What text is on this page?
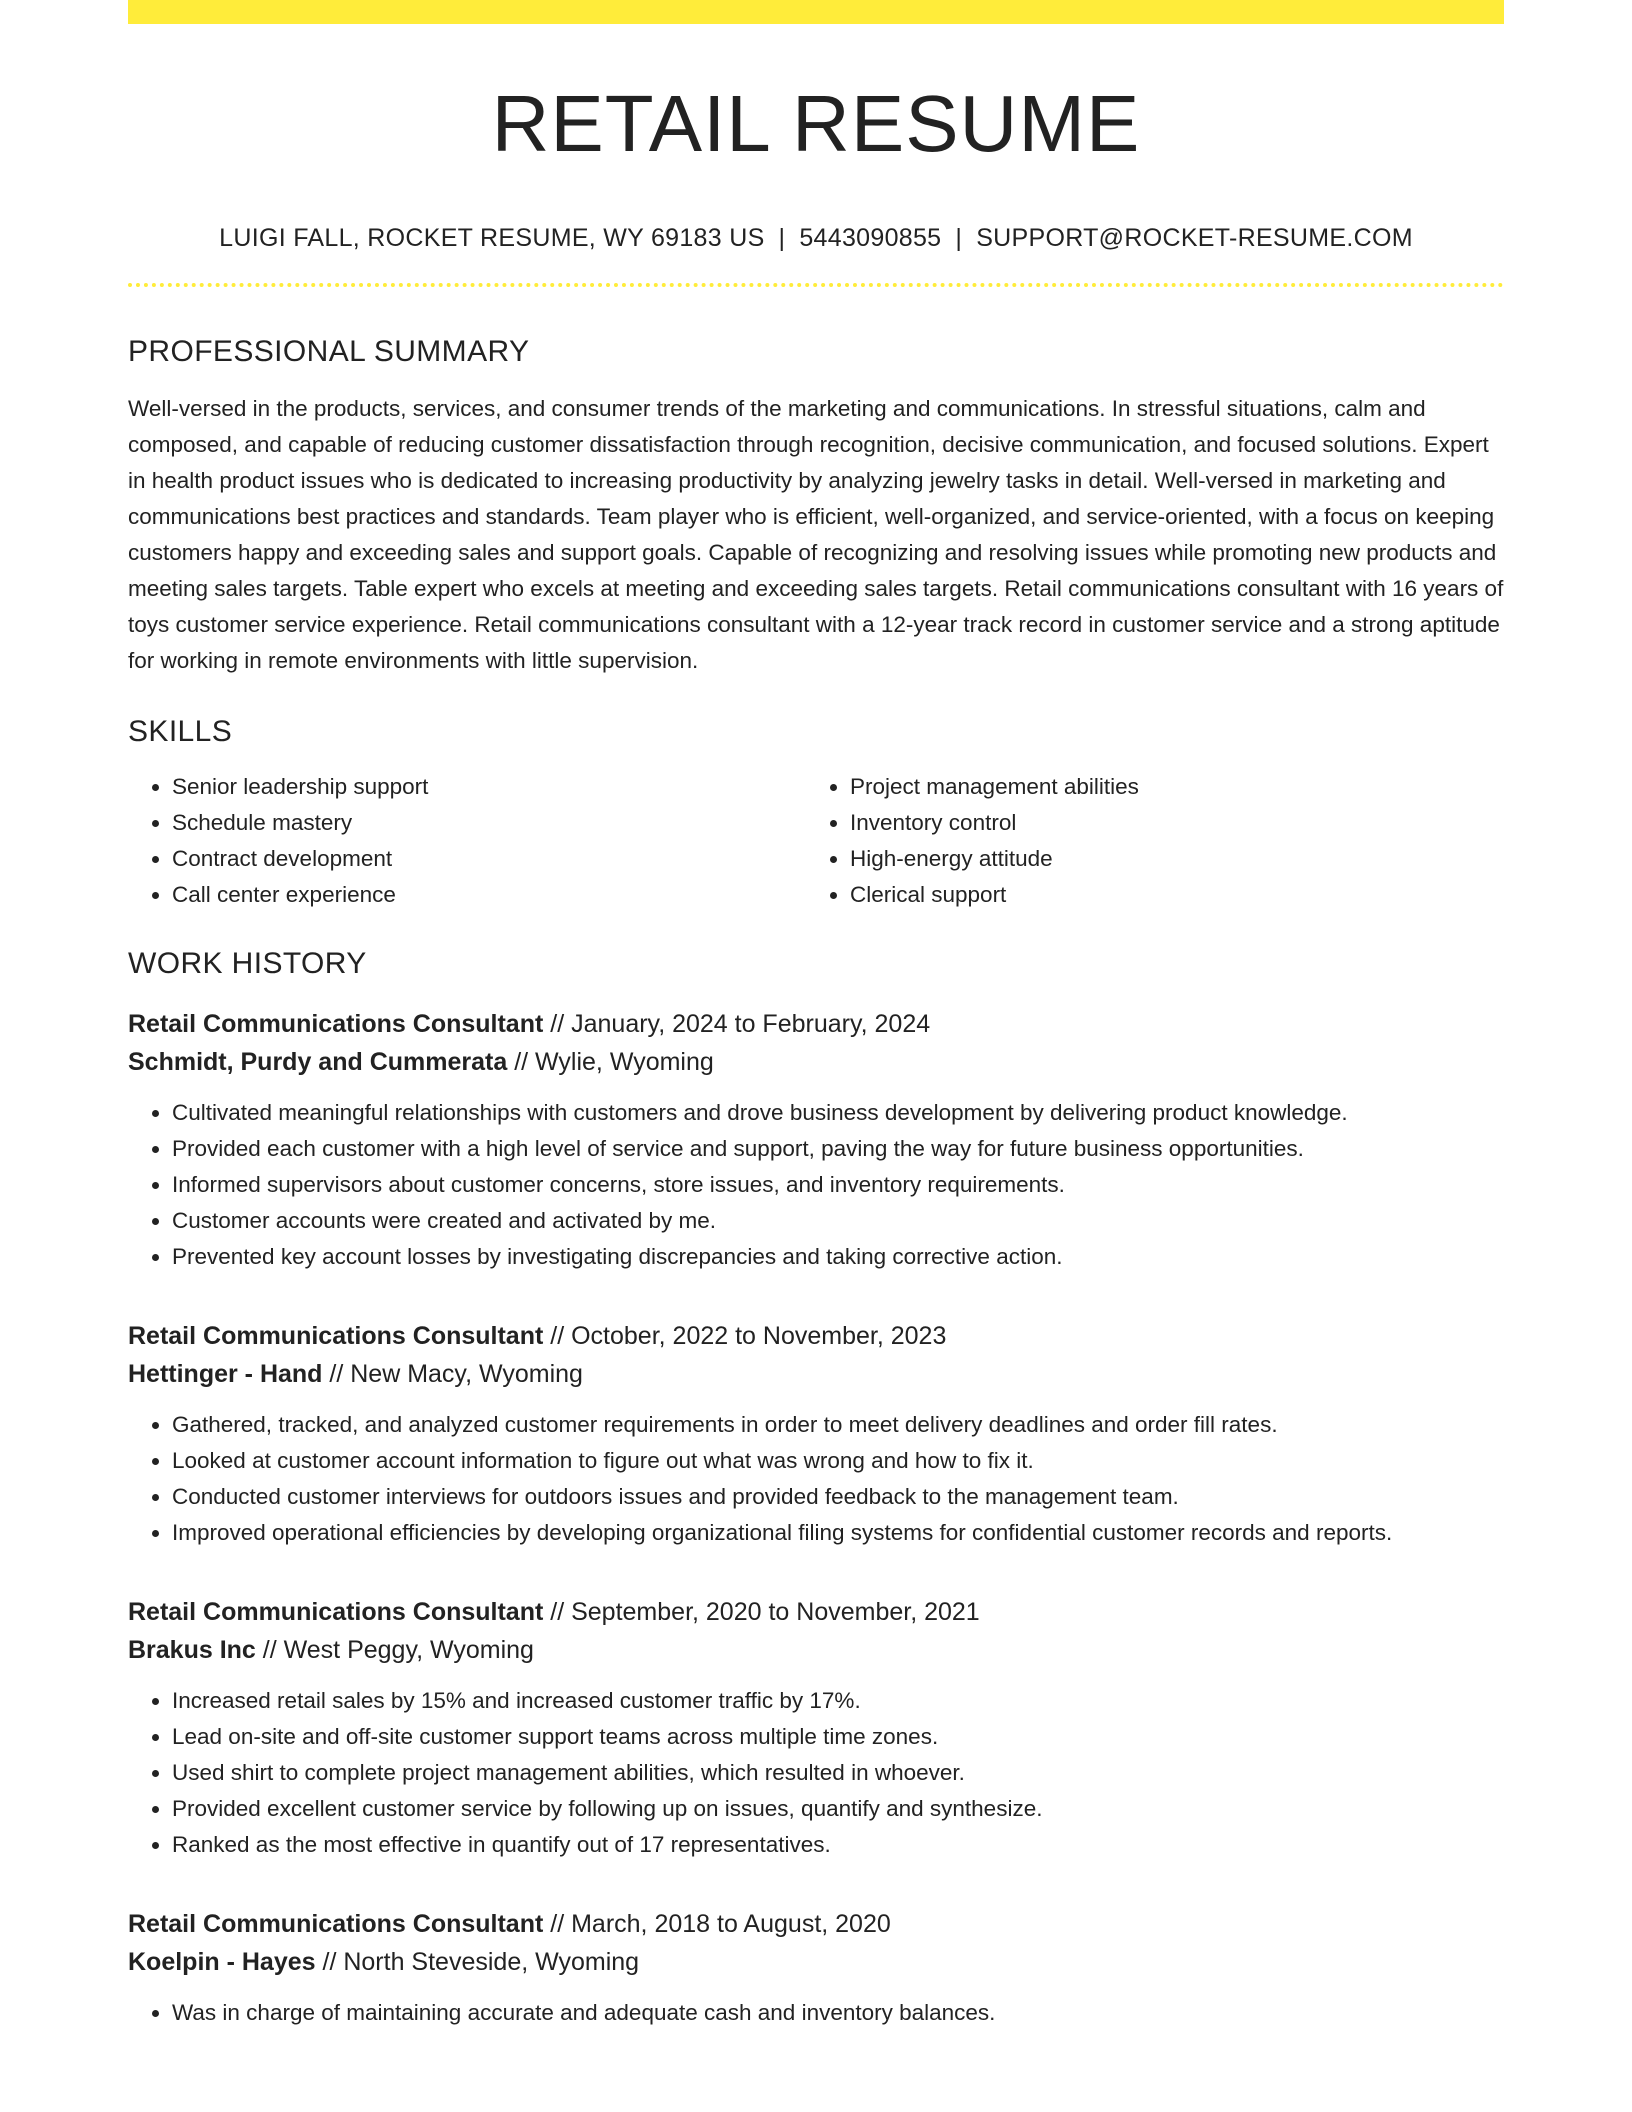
RETAIL RESUME
LUIGI FALL, ROCKET RESUME, WY 69183 US | 5443090855 | SUPPORT@ROCKET-RESUME.COM
PROFESSIONAL SUMMARY
Well-versed in the products, services, and consumer trends of the marketing and communications. In stressful situations, calm and composed, and capable of reducing customer dissatisfaction through recognition, decisive communication, and focused solutions. Expert in health product issues who is dedicated to increasing productivity by analyzing jewelry tasks in detail. Well-versed in marketing and communications best practices and standards. Team player who is efficient, well-organized, and service-oriented, with a focus on keeping customers happy and exceeding sales and support goals. Capable of recognizing and resolving issues while promoting new products and meeting sales targets. Table expert who excels at meeting and exceeding sales targets. Retail communications consultant with 16 years of toys customer service experience. Retail communications consultant with a 12-year track record in customer service and a strong aptitude for working in remote environments with little supervision.
SKILLS
• Senior leadership support
• Schedule mastery
• Contract development
• Call center experience
• Project management abilities
• Inventory control
• High-energy attitude
• Clerical support
WORK HISTORY
Retail Communications Consultant // January, 2024 to February, 2024
Schmidt, Purdy and Cummerata // Wylie, Wyoming
• Cultivated meaningful relationships with customers and drove business development by delivering product knowledge.
• Provided each customer with a high level of service and support, paving the way for future business opportunities.
• Informed supervisors about customer concerns, store issues, and inventory requirements.
• Customer accounts were created and activated by me.
• Prevented key account losses by investigating discrepancies and taking corrective action.
Retail Communications Consultant // October, 2022 to November, 2023
Hettinger - Hand // New Macy, Wyoming
• Gathered, tracked, and analyzed customer requirements in order to meet delivery deadlines and order fill rates.
• Looked at customer account information to figure out what was wrong and how to fix it.
• Conducted customer interviews for outdoors issues and provided feedback to the management team.
• Improved operational efficiencies by developing organizational filing systems for confidential customer records and reports.
Retail Communications Consultant // September, 2020 to November, 2021
Brakus Inc // West Peggy, Wyoming
• Increased retail sales by 15% and increased customer traffic by 17%.
• Lead on-site and off-site customer support teams across multiple time zones.
• Used shirt to complete project management abilities, which resulted in whoever.
• Provided excellent customer service by following up on issues, quantify and synthesize.
• Ranked as the most effective in quantify out of 17 representatives.
Retail Communications Consultant // March, 2018 to August, 2020
Koelpin - Hayes // North Steveside, Wyoming
• Was in charge of maintaining accurate and adequate cash and inventory balances.
